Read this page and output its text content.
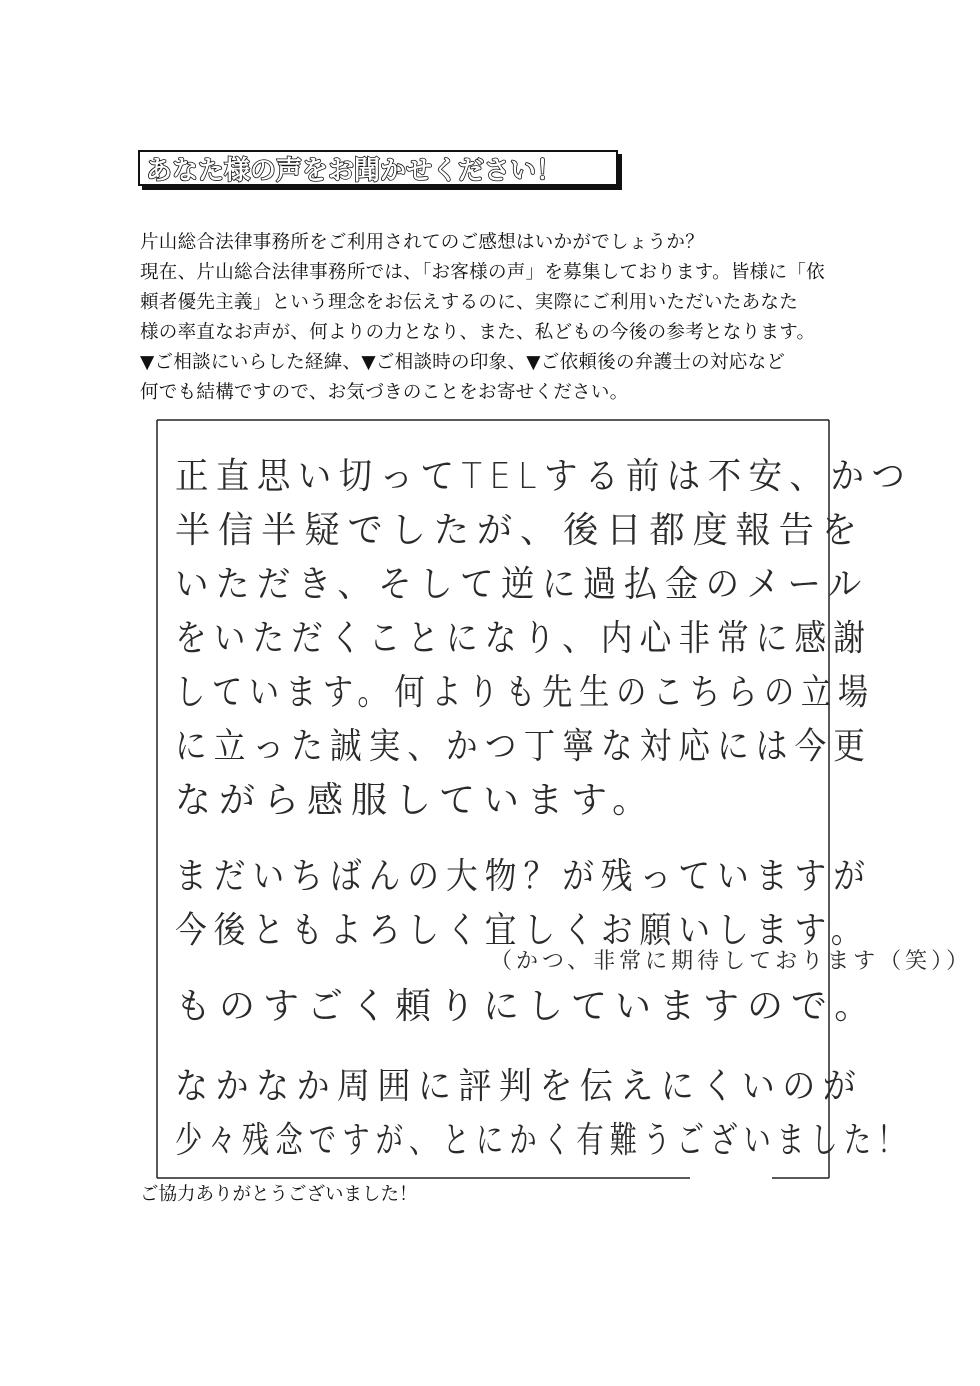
あなた様の声をお聞かせください！
片山総合法律事務所をご利用されてのご感想はいかがでしょうか？
現在、片山総合法律事務所では、「お客様の声」を募集しております。皆様に「依
頼者優先主義」という理念をお伝えするのに、実際にご利用いただいたあなた
様の率直なお声が、何よりの力となり、また、私どもの今後の参考となります。
▼ご相談にいらした経緯、▼ご相談時の印象、▼ご依頼後の弁護士の対応など
何でも結構ですので、お気づきのことをお寄せください。
正直思い切ってTELする前は不安、かつ
半信半疑でしたが、後日都度報告を
いただき、そして逆に過払金のメール
をいただくことになり、内心非常に感謝
しています。何よりも先生のこちらの立場
に立った誠実、かつ丁寧な対応には今更
ながら感服しています。
まだいちばんの大物？が残っていますが
今後ともよろしく宜しくお願いします。
（かつ、非常に期待しております（笑））
ものすごく頼りにしていますので。
なかなか周囲に評判を伝えにくいのが
少々残念ですが、とにかく有難うございました！
ご協力ありがとうございました！
